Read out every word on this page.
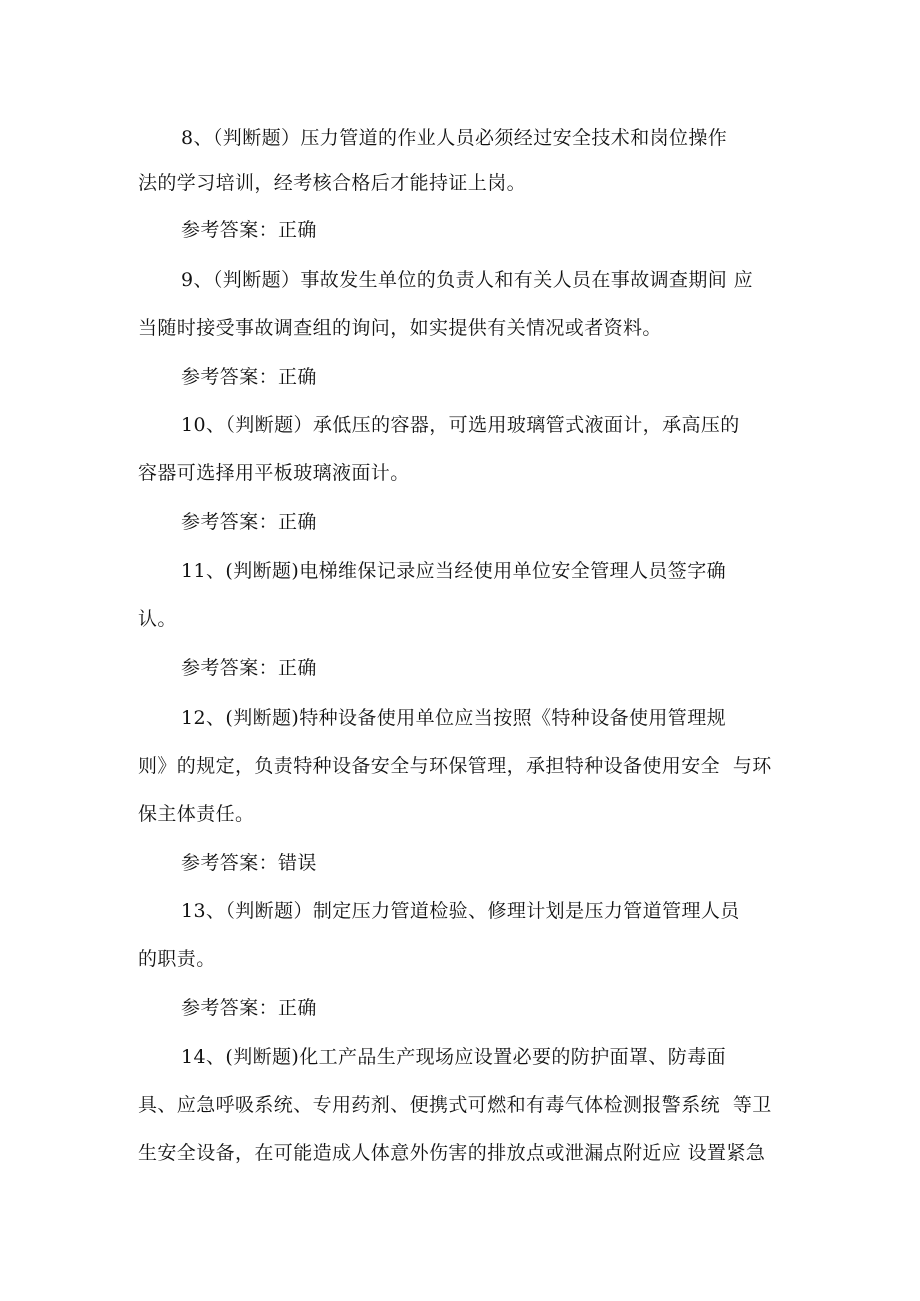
8、（判断题）压力管道的作业人员必须经过安全技术和岗位操作
法的学习培训，经考核合格后才能持证上岗。
参考答案：正确
9、（判断题）事故发生单位的负责人和有关人员在事故调查期间 应
当随时接受事故调查组的询问，如实提供有关情况或者资料。
参考答案：正确
10、（判断题）承低压的容器，可选用玻璃管式液面计，承高压的
容器可选择用平板玻璃液面计。
参考答案：正确
11、(判断题)电梯维保记录应当经使用单位安全管理人员签字确
认。
参考答案：正确
12、(判断题)特种设备使用单位应当按照《特种设备使用管理规
则》的规定，负责特种设备安全与环保管理，承担特种设备使用安全  与环
保主体责任。
参考答案：错误
13、（判断题）制定压力管道检验、修理计划是压力管道管理人员
的职责。
参考答案：正确
14、(判断题)化工产品生产现场应设置必要的防护面罩、防毒面
具、应急呼吸系统、专用药剂、便携式可燃和有毒气体检测报警系统  等卫
生安全设备，在可能造成人体意外伤害的排放点或泄漏点附近应 设置紧急
